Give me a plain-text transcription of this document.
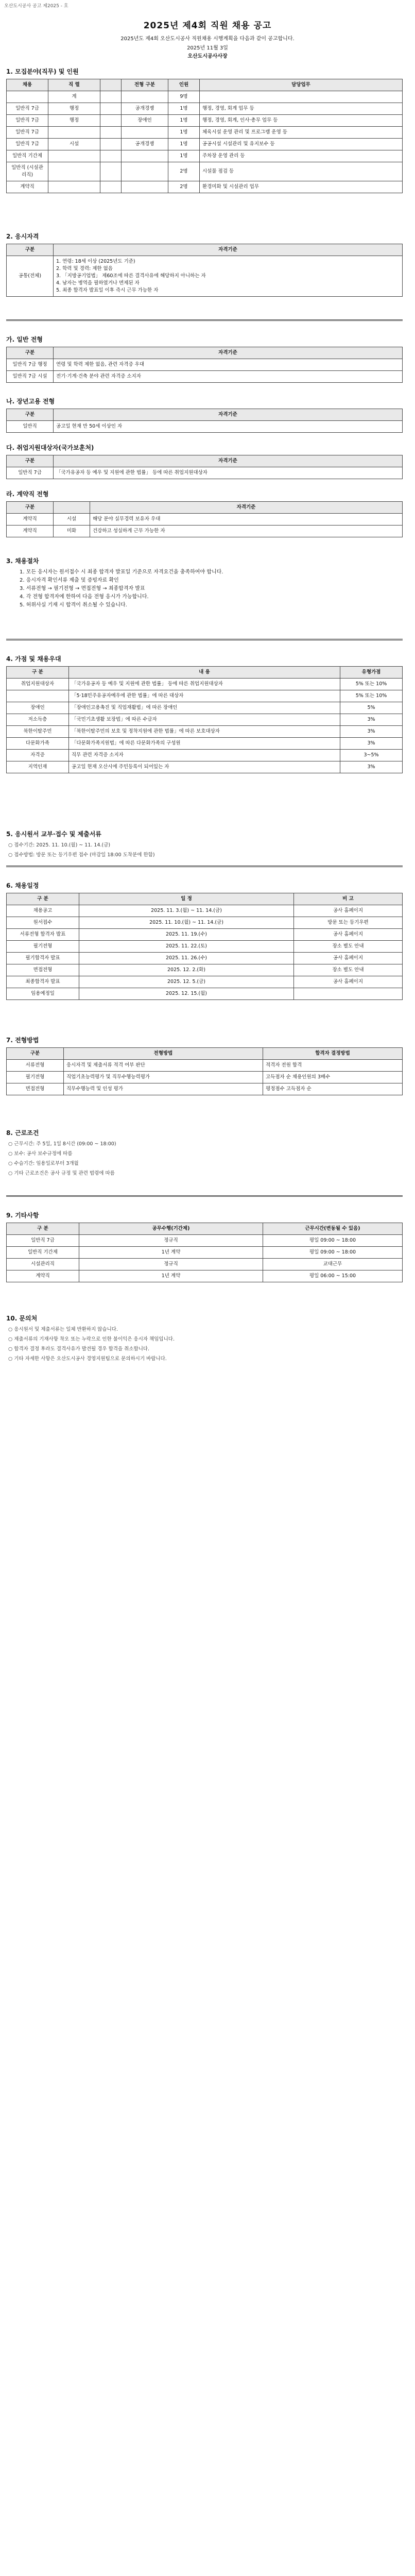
오산도시공사 공고 제2025 - 호
2025년 제4회 직원 채용 공고
2025년도 제4회 오산도시공사 직원채용 시행계획을 다음과 같이 공고합니다.
2025년 11월 3일
오산도시공사사장
1. 모집분야(직무) 및 인원
채용	직 렬		전형 구분	인원	담당업무
	계			9명	
일반직 7급	행정		공개경쟁	1명	행정, 경영, 회계 업무 등
일반직 7급	행정		장애인	1명	행정, 경영, 회계, 인사·총무 업무 등
일반직 7급				1명	체육시설 운영 관리 및 프로그램 운영 등
일반직 7급	시설		공개경쟁	1명	공공시설 시설관리 및 유지보수 등
일반직 기간제				1명	주차장 운영 관리 등
일반직 (시설관리직)				2명	시설물 점검 등
계약직				2명	환경미화 및 시설관리 업무
2. 응시자격
구분	자격기준
공통(전체)	1. 연령: 18세 이상 (2025년도 기준)
2. 학력 및 경력: 제한 없음
3. 「지방공기업법」 제60조에 따른 결격사유에 해당하지 아니하는 자
4. 남자는 병역을 필하였거나 면제된 자
5. 최종 합격자 발표일 이후 즉시 근무 가능한 자
가. 일반 전형
구분	자격기준
일반직 7급 행정	연령 및 학력 제한 없음, 관련 자격증 우대
일반직 7급 시설	전기·기계·건축 분야 관련 자격증 소지자
나. 장년고용 전형
구분	자격기준
일반직	공고일 현재 만 50세 이상인 자
다. 취업지원대상자(국가보훈처)
구분	자격기준
일반직 7급	「국가유공자 등 예우 및 지원에 관한 법률」 등에 따른 취업지원대상자
라. 계약직 전형
구분		자격기준
계약직	시설	해당 분야 실무경력 보유자 우대
계약직	미화	건강하고 성실하게 근무 가능한 자
3. 채용절차
1. 모든 응시자는 원서접수 시 최종 합격자 발표일 기준으로 자격요건을 충족하여야 합니다.
2. 응시자격 확인서류 제출 및 증빙자료 확인
3. 서류전형 → 필기전형 → 면접전형 → 최종합격자 발표
4. 각 전형 합격자에 한하여 다음 전형 응시가 가능합니다.
5. 허위사실 기재 시 합격이 취소될 수 있습니다.
4. 가점 및 채용우대
구 분	내 용	유형가점
취업지원대상자	「국가유공자 등 예우 및 지원에 관한 법률」 등에 따른 취업지원대상자	5% 또는 10%
	「5·18민주유공자예우에 관한 법률」에 따른 대상자	5% 또는 10%
장애인	「장애인고용촉진 및 직업재활법」에 따른 장애인	5%
저소득층	「국민기초생활 보장법」에 따른 수급자	3%
북한이탈주민	「북한이탈주민의 보호 및 정착지원에 관한 법률」에 따른 보호대상자	3%
다문화가족	「다문화가족지원법」에 따른 다문화가족의 구성원	3%
자격증	직무 관련 자격증 소지자	3~5%
지역인재	공고일 현재 오산시에 주민등록이 되어있는 자	3%
5. 응시원서 교부·접수 및 제출서류
○ 접수기간: 2025. 11. 10.(월) ~ 11. 14.(금)
○ 접수방법: 방문 또는 등기우편 접수 (마감일 18:00 도착분에 한함)
6. 채용일정
구 분	일 정	비 고
채용공고	2025. 11. 3.(월) ~ 11. 14.(금)	공사 홈페이지
원서접수	2025. 11. 10.(월) ~ 11. 14.(금)	방문 또는 등기우편
서류전형 합격자 발표	2025. 11. 19.(수)	공사 홈페이지
필기전형	2025. 11. 22.(토)	장소 별도 안내
필기합격자 발표	2025. 11. 26.(수)	공사 홈페이지
면접전형	2025. 12. 2.(화)	장소 별도 안내
최종합격자 발표	2025. 12. 5.(금)	공사 홈페이지
임용예정일	2025. 12. 15.(월)	
7. 전형방법
구분	전형방법	합격자 결정방법
서류전형	응시자격 및 제출서류 적격 여부 판단	적격자 전원 합격
필기전형	직업기초능력평가 및 직무수행능력평가	고득점자 순 채용인원의 3배수
면접전형	직무수행능력 및 인성 평가	평정점수 고득점자 순
8. 근로조건
○ 근무시간: 주 5일, 1일 8시간 (09:00 ~ 18:00)
○ 보수: 공사 보수규정에 따름
○ 수습기간: 임용일로부터 3개월
○ 기타 근로조건은 공사 규정 및 관련 법령에 따름
9. 기타사항
구 분	공무수행(기간제)	근무시간(변동될 수 있음)
일반직 7급	정규직	평일 09:00 ~ 18:00
일반직 기간제	1년 계약	평일 09:00 ~ 18:00
시설관리직	정규직	교대근무
계약직	1년 계약	평일 06:00 ~ 15:00
10. 문의처
○ 응시원서 및 제출서류는 일체 반환하지 않습니다.
○ 제출서류의 기재사항 착오 또는 누락으로 인한 불이익은 응시자 책임입니다.
○ 합격자 결정 후라도 결격사유가 발견될 경우 합격을 취소합니다.
○ 기타 자세한 사항은 오산도시공사 경영지원팀으로 문의하시기 바랍니다.
